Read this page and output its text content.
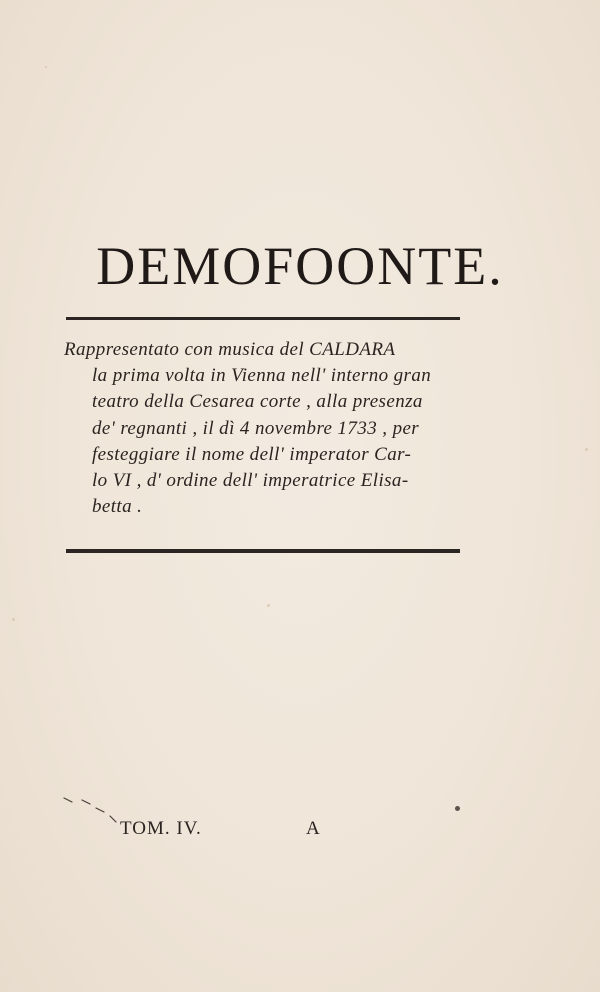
DEMOFOONTE.
Rappresentato con musica del CALDARA
la prima volta in Vienna nell' interno gran
teatro della Cesarea corte , alla presenza
de' regnanti , il dì 4 novembre 1733 , per
festeggiare il nome dell' imperator Car-
lo VI , d' ordine dell' imperatrice Elisa-
betta .
TOM. IV.	A
